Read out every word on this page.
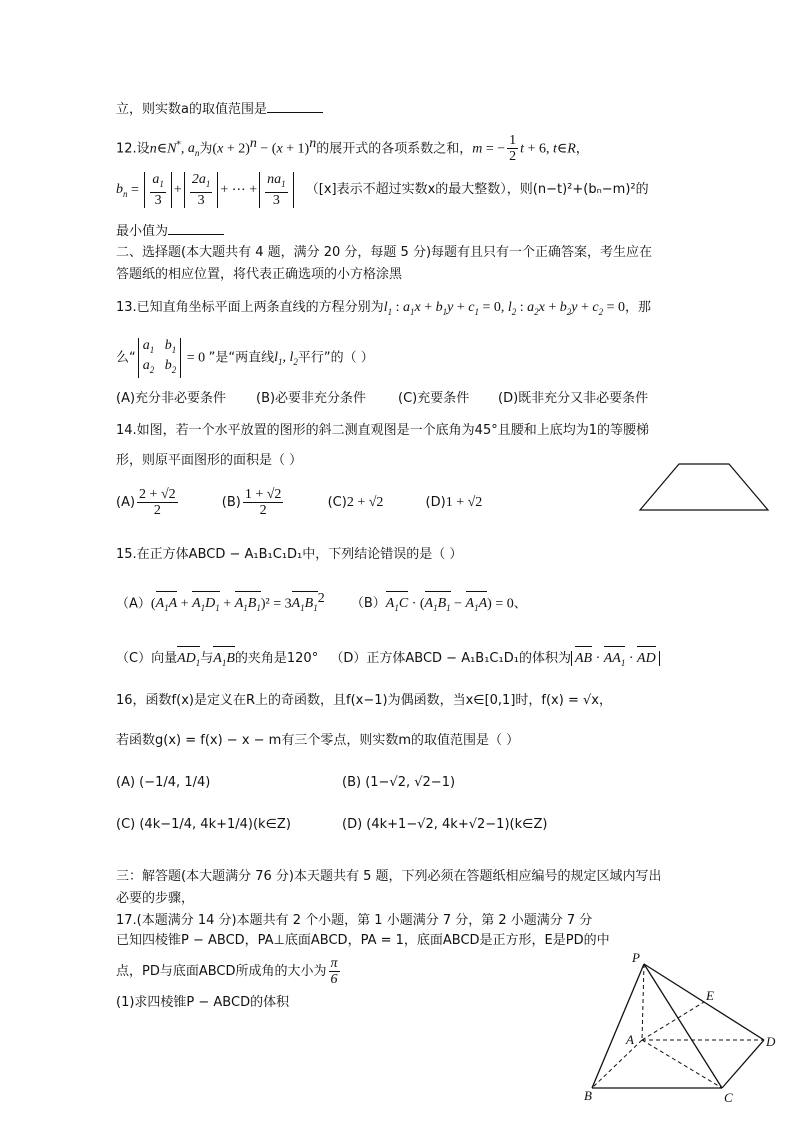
立，则实数a的取值范围是
12.设n∈N*, $a_n$为$(x + 2)^n - (x + 1)^n$的展开式的各项系数之和，m = − $\frac{1}{2}$ t + 6, t∈R，
$b_n = \frac{a_1}{3} + \frac{2a_1}{3}$ + ⋯ + $\frac{na_1}{3} ([x]$表示不超过实数x的最大整数），则(n−t)²+(bₙ−m)²的
最小值为
二、选择题(本大题共有 4 题，满分 20 分，每题 5 分)每题有且只有一个正确答案，考生应在
答题纸的相应位置，将代表正确选项的小方格涂黑
13.已知直角坐标平面上两条直线的方程分别为$l_1$ : $a_1x + b_1y + c_1 = 0$, $l_2$ : $a_2x + b_2y + c_2 = 0$，那
么“$a_1$   $b_1$
$a_2$   $b_2 = 0$ ”是“两直线$l_1$, $l_2$平行”的（ ）
(A)充分非必要条件 (B)必要非充分条件 (C)充要条件 (D)既非充分又非必要条件
14.如图，若一个水平放置的图形的斜二测直观图是一个底角为45°且腰和上底均为1的等腰梯
形，则原平面图形的面积是（ ）
$(A) \frac{2 + √2}{2}$	$(B) \frac{1 + √2}{2}$	(C)2 + √2	(D)1 + √2
15.在正方体ABCD − A₁B₁C₁D₁中，下列结论错误的是（ ）
$(A)(A_1A + A_1D_1 + A_1B_1)^2 = 3A_1B_1^2$ $(B)A_1C \cdot (A_1B_1 - A_1A) = 0$、
（C）向量$AD_1$与$A_1B$的夹角是120° （D）正方体ABCD − A₁B₁C₁D₁的体积为 AB · $AA_1$ · AD
16，函数f(x)是定义在R上的奇函数，且f(x−1)为偶函数，当x∈[0,1]时，f(x) = √x，
若函数g(x) = f(x) − x − m有三个零点，则实数m的取值范围是（ ）
(A) (−1/4, 1/4)	(B) (1−√2, √2−1)
(C) (4k−1/4, 4k+1/4)(k∈Z)	(D) (4k+1−√2, 4k+√2−1)(k∈Z)
三：解答题(本大题满分 76 分)本天题共有 5 题，下列必须在答题纸相应编号的规定区域内写出
必要的步骤，
17.(本题满分 14 分)本题共有 2 个小题，第 1 小题满分 7 分，第 2 小题满分 7 分
已知四棱锥P − ABCD，PA⊥底面ABCD，PA = 1，底面ABCD是正方形，E是PD的中
点，PD与底面ABCD所成角的大小为 $\frac{\pi}{6}$
(1)求四棱锥P − ABCD的体积
P
E
A	D
B	C
